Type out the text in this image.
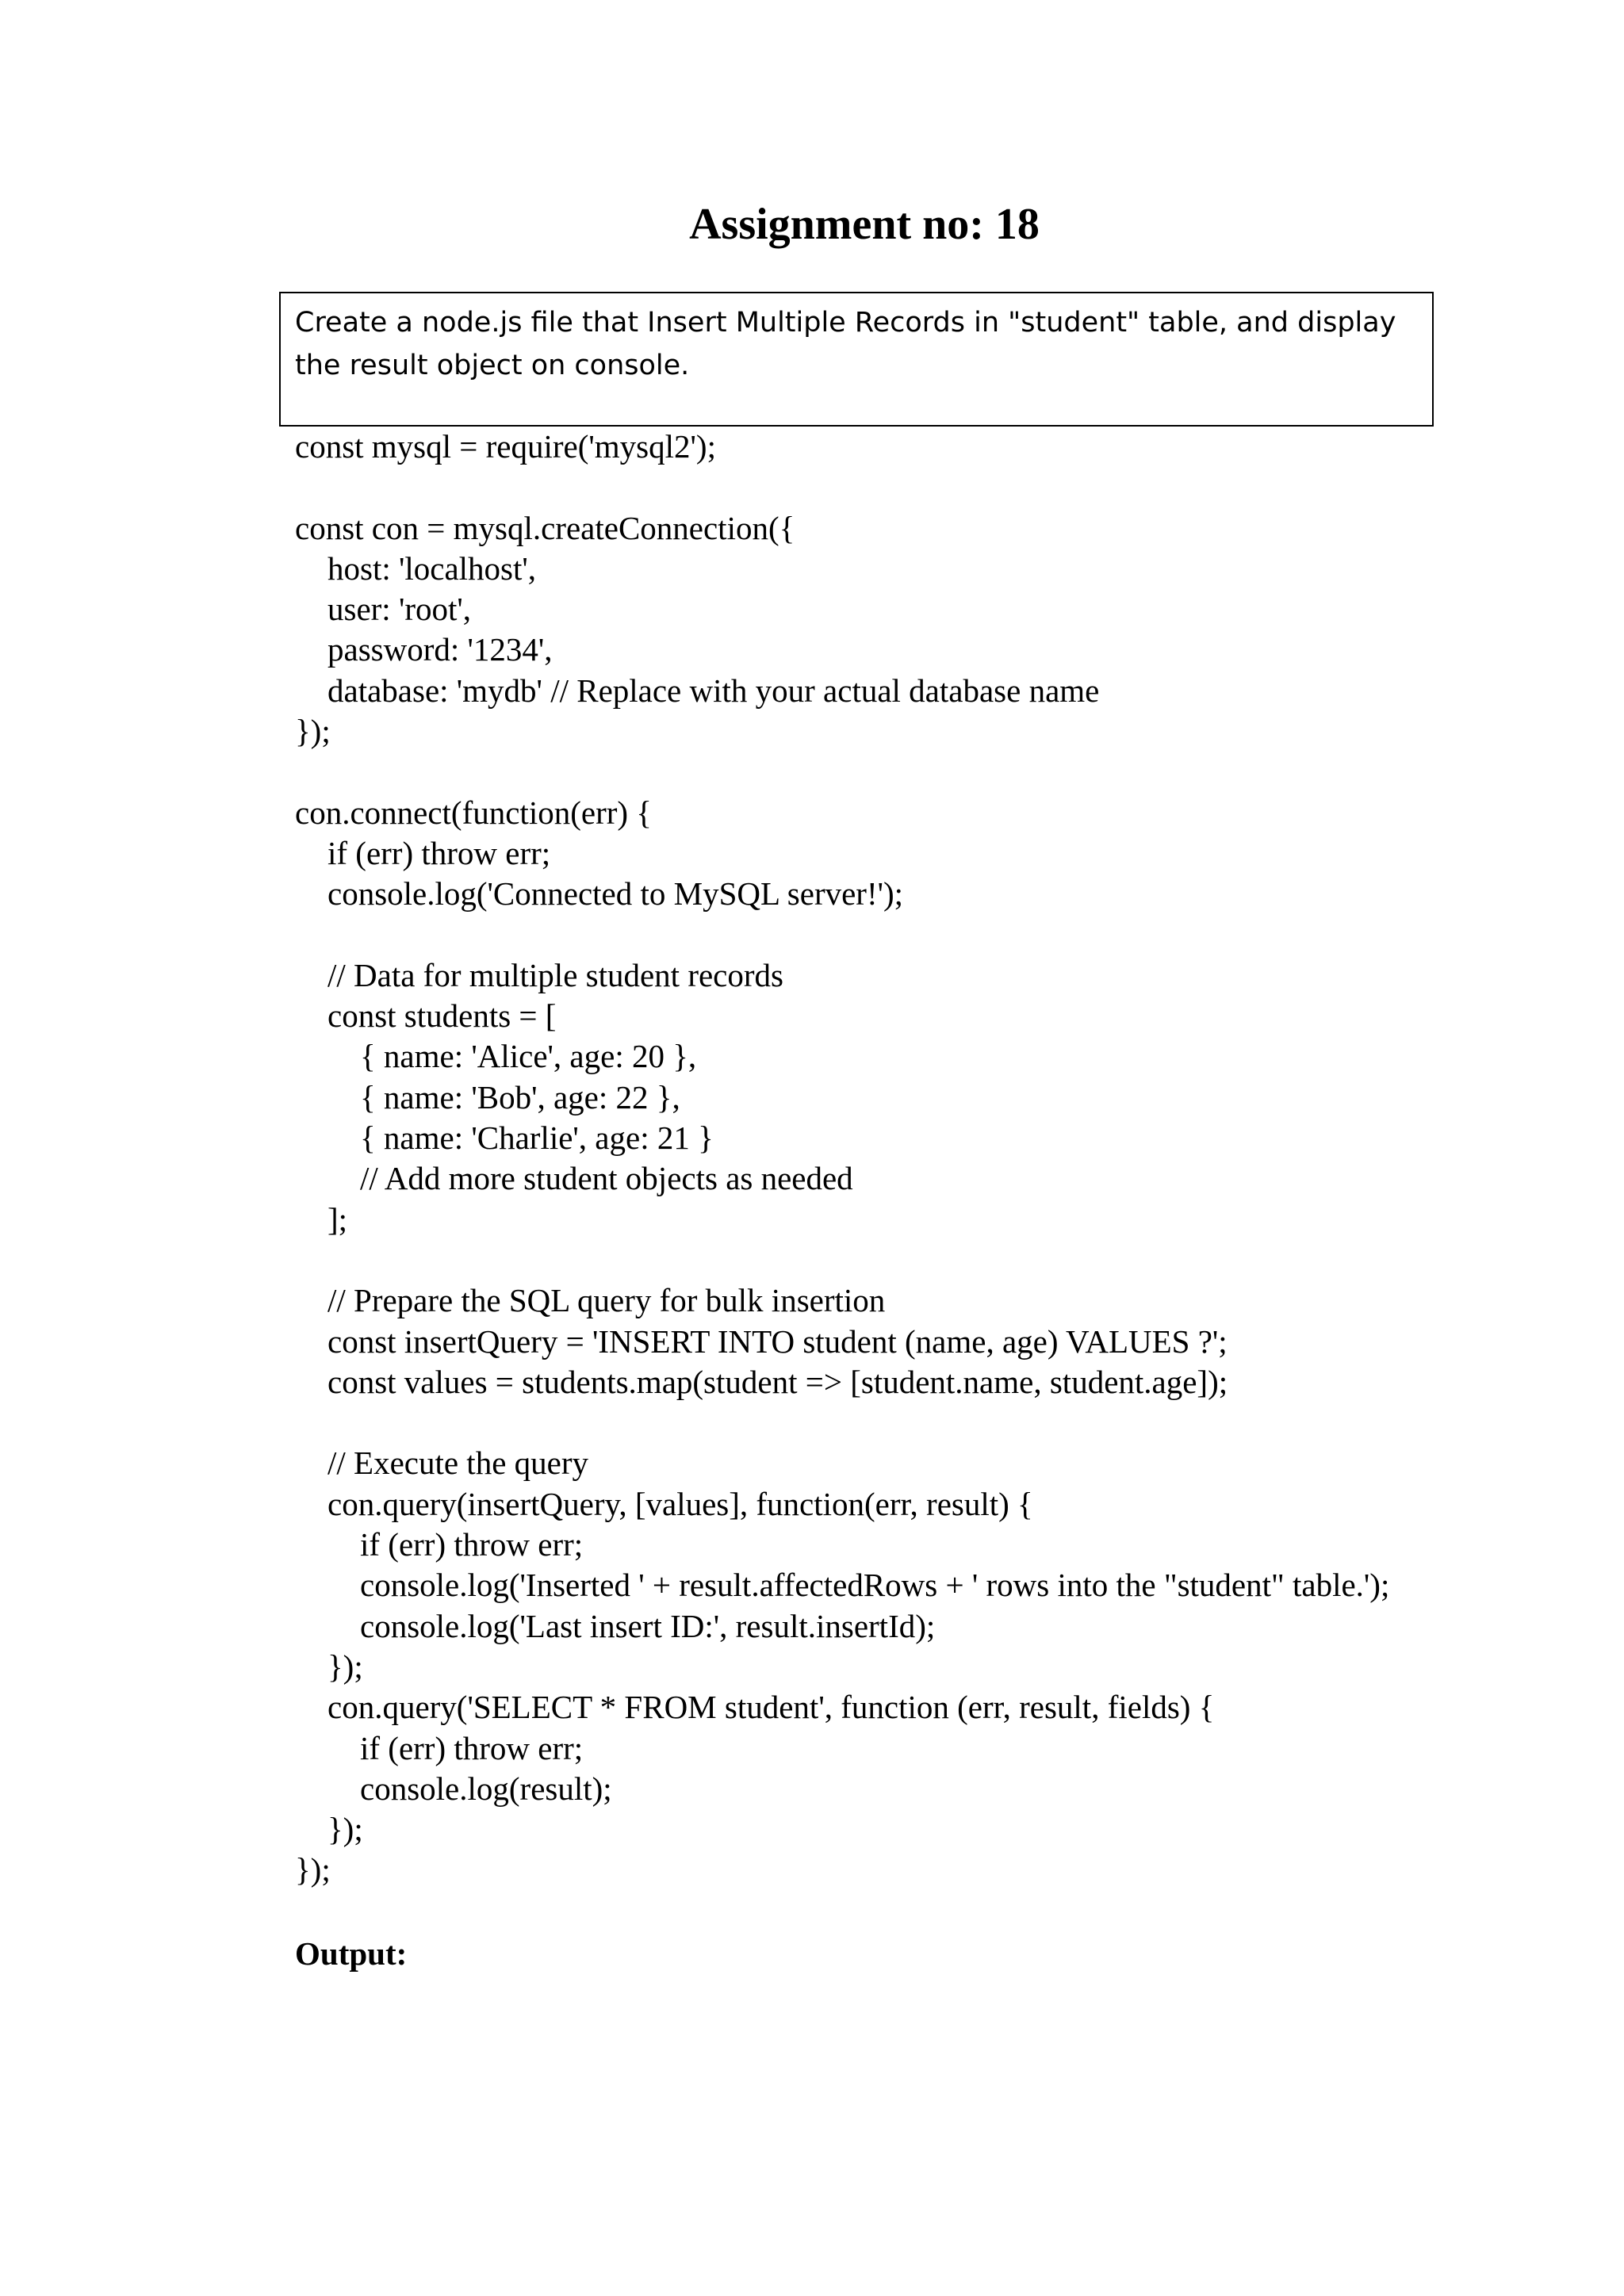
Assignment no: 18
Create a node.js file that Insert Multiple Records in "student" table, and display the result object on console.
const mysql = require('mysql2');
const con = mysql.createConnection({
host: 'localhost',
user: 'root',
password: '1234',
database: 'mydb' // Replace with your actual database name
});
con.connect(function(err) {
if (err) throw err;
console.log('Connected to MySQL server!');
// Data for multiple student records
const students = [
{ name: 'Alice', age: 20 },
{ name: 'Bob', age: 22 },
{ name: 'Charlie', age: 21 }
// Add more student objects as needed
];
// Prepare the SQL query for bulk insertion
const insertQuery = 'INSERT INTO student (name, age) VALUES ?';
const values = students.map(student => [student.name, student.age]);
// Execute the query
con.query(insertQuery, [values], function(err, result) {
if (err) throw err;
console.log('Inserted ' + result.affectedRows + ' rows into the "student" table.');
console.log('Last insert ID:', result.insertId);
});
con.query('SELECT * FROM student', function (err, result, fields) {
if (err) throw err;
console.log(result);
});
});
Output:
